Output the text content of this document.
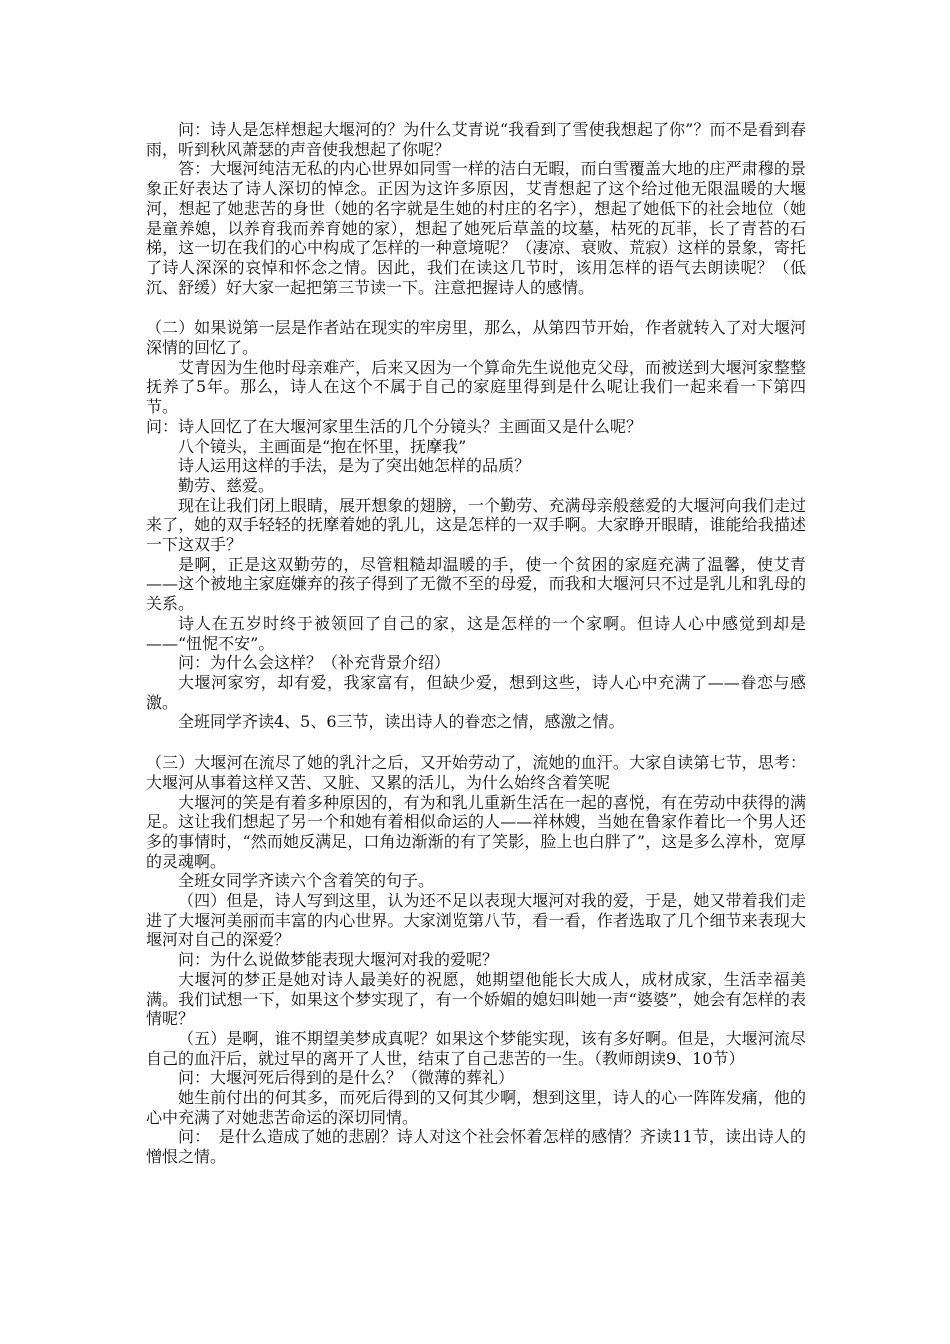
问：诗人是怎样想起大堰河的？为什么艾青说“我看到了雪使我想起了你”？而不是看到春雨，听到秋风萧瑟的声音使我想起了你呢？

答：大堰河纯洁无私的内心世界如同雪一样的洁白无暇，而白雪覆盖大地的庄严肃穆的景象正好表达了诗人深切的悼念。正因为这许多原因，艾青想起了这个给过他无限温暖的大堰河，想起了她悲苦的身世（她的名字就是生她的村庄的名字），想起了她低下的社会地位（她是童养媳，以养育我而养育她的家），想起了她死后草盖的坟墓，枯死的瓦菲，长了青苔的石梯，这一切在我们的心中构成了怎样的一种意境呢？（凄凉、衰败、荒寂）这样的景象，寄托了诗人深深的哀悼和怀念之情。因此，我们在读这几节时，该用怎样的语气去朗读呢？（低沉、舒缓）好大家一起把第三节读一下。注意把握诗人的感情。

（二）如果说第一层是作者站在现实的牢房里，那么，从第四节开始，作者就转入了对大堰河深情的回忆了。

艾青因为生他时母亲难产，后来又因为一个算命先生说他克父母，而被送到大堰河家整整抚养了5年。那么，诗人在这个不属于自己的家庭里得到是什么呢让我们一起来看一下第四节。

问：诗人回忆了在大堰河家里生活的几个分镜头？主画面又是什么呢？

八个镜头，主画面是“抱在怀里，抚摩我”

诗人运用这样的手法，是为了突出她怎样的品质？

勤劳、慈爱。

现在让我们闭上眼睛，展开想象的翅膀，一个勤劳、充满母亲般慈爱的大堰河向我们走过来了，她的双手轻轻的抚摩着她的乳儿，这是怎样的一双手啊。大家睁开眼睛，谁能给我描述一下这双手？

是啊，正是这双勤劳的，尽管粗糙却温暖的手，使一个贫困的家庭充满了温馨，使艾青——这个被地主家庭嫌弃的孩子得到了无微不至的母爱，而我和大堰河只不过是乳儿和乳母的关系。

诗人在五岁时终于被领回了自己的家，这是怎样的一个家啊。但诗人心中感觉到却是——“忸怩不安”。

问：为什么会这样？（补充背景介绍）

大堰河家穷，却有爱，我家富有，但缺少爱，想到这些，诗人心中充满了——眷恋与感激。

全班同学齐读4、5、6三节，读出诗人的眷恋之情，感激之情。

（三）大堰河在流尽了她的乳汁之后，又开始劳动了，流她的血汗。大家自读第七节，思考：大堰河从事着这样又苦、又脏、又累的活儿，为什么始终含着笑呢

大堰河的笑是有着多种原因的，有为和乳儿重新生活在一起的喜悦，有在劳动中获得的满足。这让我们想起了另一个和她有着相似命运的人——祥林嫂，当她在鲁家作着比一个男人还多的事情时，“然而她反满足，口角边渐渐的有了笑影，脸上也白胖了”，这是多么淳朴，宽厚的灵魂啊。

全班女同学齐读六个含着笑的句子。

（四）但是，诗人写到这里，认为还不足以表现大堰河对我的爱，于是，她又带着我们走进了大堰河美丽而丰富的内心世界。大家浏览第八节，看一看，作者选取了几个细节来表现大堰河对自己的深爱？

问：为什么说做梦能表现大堰河对我的爱呢？

大堰河的梦正是她对诗人最美好的祝愿，她期望他能长大成人，成材成家，生活幸福美满。我们试想一下，如果这个梦实现了，有一个娇媚的媳妇叫她一声“婆婆”，她会有怎样的表情呢？

（五）是啊，谁不期望美梦成真呢？如果这个梦能实现，该有多好啊。但是，大堰河流尽自己的血汗后，就过早的离开了人世，结束了自己悲苦的一生。（教师朗读9、10节）

问：大堰河死后得到的是什么？（微薄的葬礼）

她生前付出的何其多，而死后得到的又何其少啊，想到这里，诗人的心一阵阵发痛，他的心中充满了对她悲苦命运的深切同情。

问：　是什么造成了她的悲剧？诗人对这个社会怀着怎样的感情？齐读11节，读出诗人的憎恨之情。
